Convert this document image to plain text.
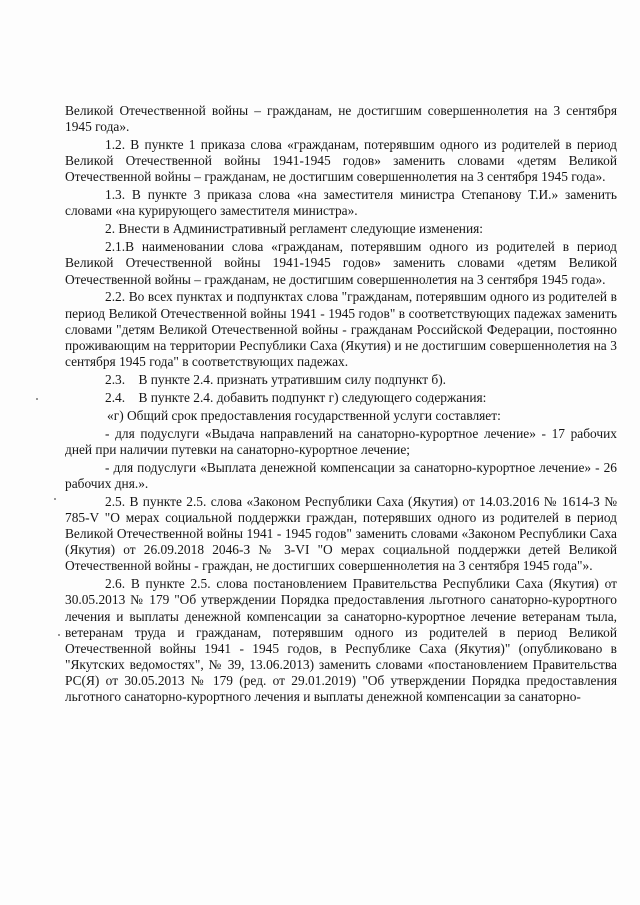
Великой Отечественной войны – гражданам, не достигшим совершеннолетия на 3 сентября 1945 года».

1.2. В пункте 1 приказа слова «гражданам, потерявшим одного из родителей в период Великой Отечественной войны 1941-1945 годов» заменить словами «детям Великой Отечественной войны – гражданам, не достигшим совершеннолетия на 3 сентября 1945 года».

1.3. В пункте 3 приказа слова «на заместителя министра Степанову Т.И.» заменить словами «на курирующего заместителя министра».

2. Внести в Административный регламент следующие изменения:

2.1.В наименовании слова «гражданам, потерявшим одного из родителей в период Великой Отечественной войны 1941-1945 годов» заменить словами «детям Великой Отечественной войны – гражданам, не достигшим совершеннолетия на 3 сентября 1945 года».

2.2. Во всех пунктах и подпунктах слова "гражданам, потерявшим одного из родителей в период Великой Отечественной войны 1941 - 1945 годов" в соответствующих падежах заменить словами "детям Великой Отечественной войны - гражданам Российской Федерации, постоянно проживающим на территории Республики Саха (Якутия) и не достигшим совершеннолетия на 3 сентября 1945 года" в соответствующих падежах.

2.3.    В пункте 2.4. признать утратившим силу подпункт б).

2.4.    В пункте 2.4. добавить подпункт г) следующего содержания:

«г) Общий срок предоставления государственной услуги составляет:

- для подуслуги «Выдача направлений на санаторно-курортное лечение» - 17 рабочих дней при наличии путевки на санаторно-курортное лечение;

- для подуслуги «Выплата денежной компенсации за санаторно-курортное лечение» - 26 рабочих дня.».

2.5. В пункте 2.5. слова «Законом Республики Саха (Якутия) от 14.03.2016 № 1614-З № 785-V "О мерах социальной поддержки граждан, потерявших одного из родителей в период Великой Отечественной войны 1941 - 1945 годов" заменить словами «Законом Республики Саха (Якутия) от 26.09.2018 2046-З № 3-VI "О мерах социальной поддержки детей Великой Отечественной войны - граждан, не достигших совершеннолетия на 3 сентября 1945 года"».

2.6. В пункте 2.5. слова постановлением Правительства Республики Саха (Якутия) от 30.05.2013 № 179 "Об утверждении Порядка предоставления льготного санаторно-курортного лечения и выплаты денежной компенсации за санаторно-курортное лечение ветеранам тыла, ветеранам труда и гражданам, потерявшим одного из родителей в период Великой Отечественной войны 1941 - 1945 годов, в Республике Саха (Якутия)" (опубликовано в "Якутских ведомостях", № 39, 13.06.2013) заменить словами «постановлением Правительства РС(Я) от 30.05.2013 № 179 (ред. от 29.01.2019) "Об утверждении Порядка предоставления льготного санаторно-курортного лечения и выплаты денежной компенсации за санаторно-
